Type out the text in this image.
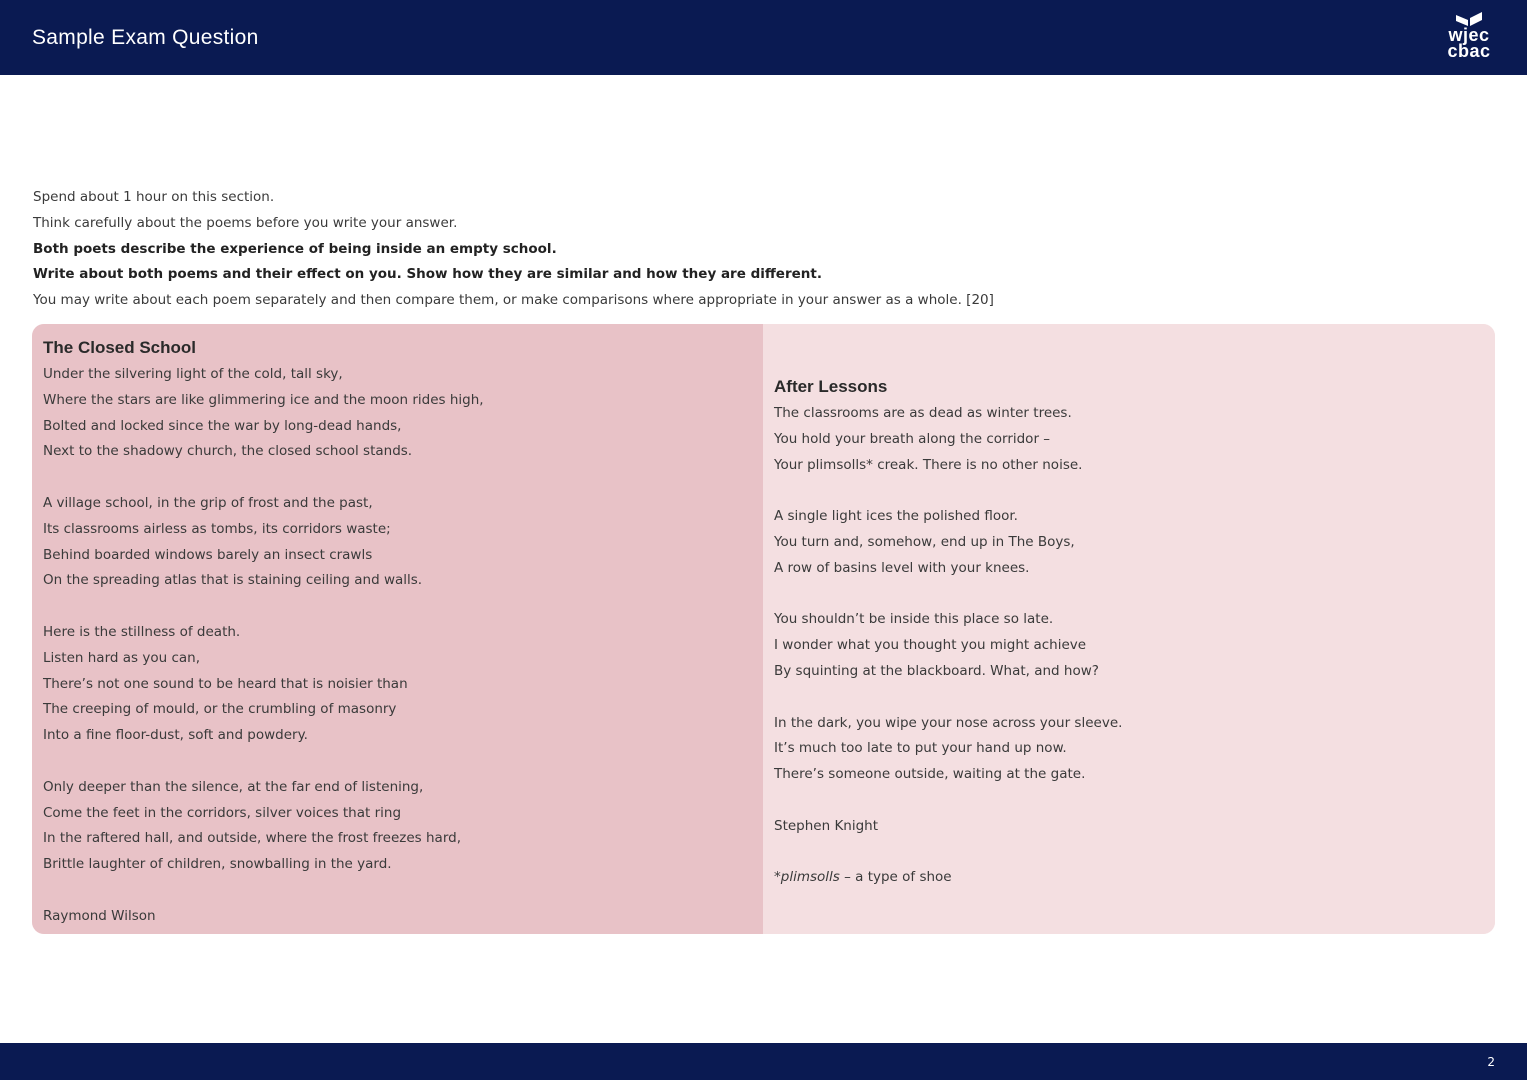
Sample Exam Question	wjec
cbac
Spend about 1 hour on this section.
Think carefully about the poems before you write your answer.
Both poets describe the experience of being inside an empty school.
Write about both poems and their effect on you. Show how they are similar and how they are different.
You may write about each poem separately and then compare them, or make comparisons where appropriate in your answer as a whole. [20]
The Closed School
Under the silvering light of the cold, tall sky,
Where the stars are like glimmering ice and the moon rides high,
Bolted and locked since the war by long-dead hands,
Next to the shadowy church, the closed school stands.
A village school, in the grip of frost and the past,
Its classrooms airless as tombs, its corridors waste;
Behind boarded windows barely an insect crawls
On the spreading atlas that is staining ceiling and walls.
Here is the stillness of death.
Listen hard as you can,
There’s not one sound to be heard that is noisier than
The creeping of mould, or the crumbling of masonry
Into a fine floor-dust, soft and powdery.
Only deeper than the silence, at the far end of listening,
Come the feet in the corridors, silver voices that ring
In the raftered hall, and outside, where the frost freezes hard,
Brittle laughter of children, snowballing in the yard.
Raymond Wilson
After Lessons
The classrooms are as dead as winter trees.
You hold your breath along the corridor –
Your plimsolls* creak. There is no other noise.
A single light ices the polished floor.
You turn and, somehow, end up in The Boys,
A row of basins level with your knees.
You shouldn’t be inside this place so late.
I wonder what you thought you might achieve
By squinting at the blackboard. What, and how?
In the dark, you wipe your nose across your sleeve.
It’s much too late to put your hand up now.
There’s someone outside, waiting at the gate.
Stephen Knight
*plimsolls – a type of shoe
2
